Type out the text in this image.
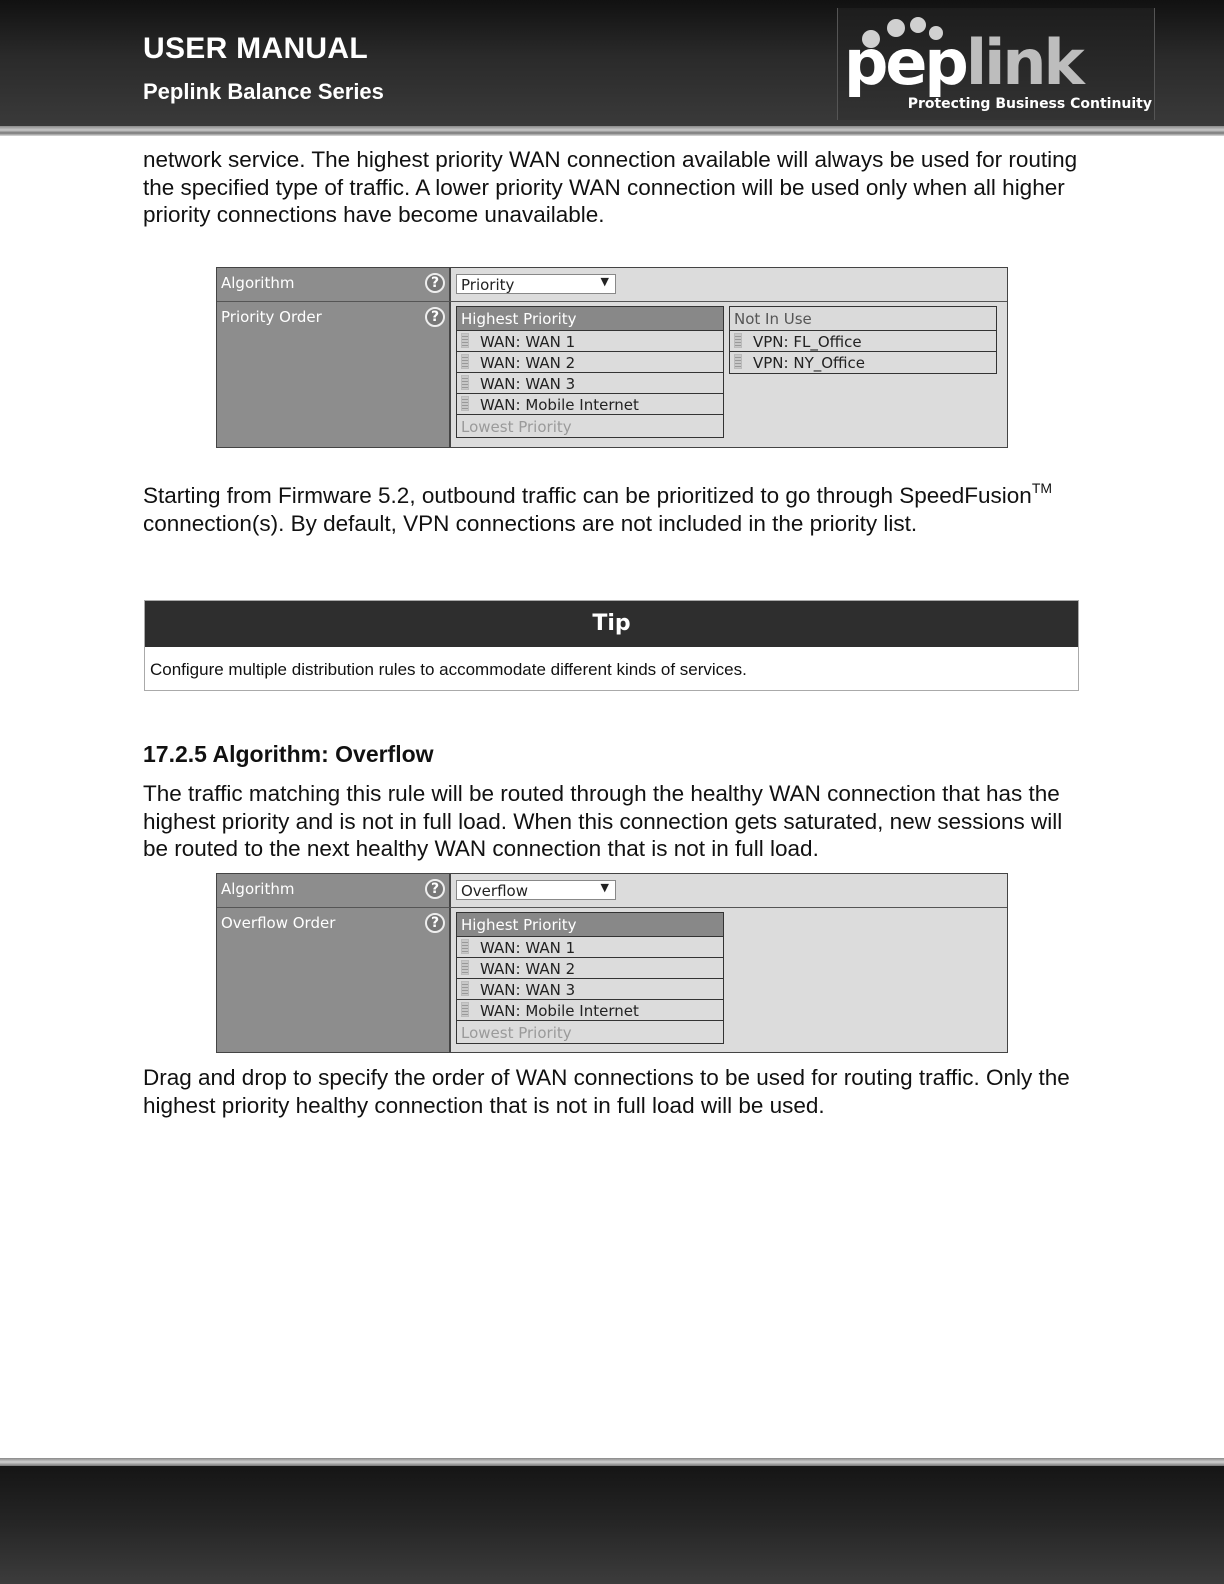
USER MANUAL
Peplink Balance Series	peplink
Protecting Business Continuity
network service. The highest priority WAN connection available will always be used for routing the specified type of traffic. A lower priority WAN connection will be used only when all higher priority connections have become unavailable.
Algorithm	?	Priority	▼
Priority Order	?	Highest Priority
WAN: WAN 1
WAN: WAN 2
WAN: WAN 3
WAN: Mobile Internet
Lowest Priority
Not In Use
VPN: FL_Office
VPN: NY_Office
Starting from Firmware 5.2, outbound traffic can be prioritized to go through SpeedFusion™ connection(s). By default, VPN connections are not included in the priority list.
Tip
Configure multiple distribution rules to accommodate different kinds of services.
17.2.5 Algorithm: Overflow
The traffic matching this rule will be routed through the healthy WAN connection that has the highest priority and is not in full load. When this connection gets saturated, new sessions will be routed to the next healthy WAN connection that is not in full load.
Algorithm	?	Overflow	▼
Overflow Order	?	Highest Priority
WAN: WAN 1
WAN: WAN 2
WAN: WAN 3
WAN: Mobile Internet
Lowest Priority
Drag and drop to specify the order of WAN connections to be used for routing traffic. Only the highest priority healthy connection that is not in full load will be used.
